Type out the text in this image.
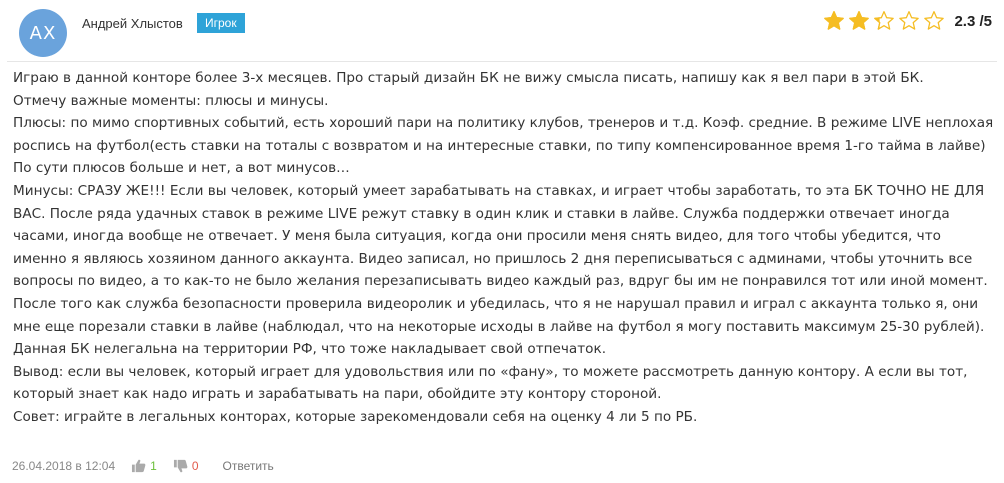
AX	Андрей Хлыстов	Игрок	2.3 /5

Играю в данной конторе более 3-х месяцев. Про старый дизайн БК не вижу смысла писать, напишу как я вел пари в этой БК.

Отмечу важные моменты: плюсы и минусы.

Плюсы: по мимо спортивных событий, есть хороший пари на политику клубов, тренеров и т.д. Коэф. средние. В режиме LIVE неплохая роспись на футбол(есть ставки на тоталы с возвратом и на интересные ставки, по типу компенсированное время 1-го тайма в лайве) По сути плюсов больше и нет, а вот минусов…

Минусы: СРАЗУ ЖЕ!!! Если вы человек, который умеет зарабатывать на ставках, и играет чтобы заработать, то эта БК ТОЧНО НЕ ДЛЯ ВАС. После ряда удачных ставок в режиме LIVE режут ставку в один клик и ставки в лайве. Служба поддержки отвечает иногда часами, иногда вообще не отвечает. У меня была ситуация, когда они просили меня снять видео, для того чтобы убедится, что именно я являюсь хозяином данного аккаунта. Видео записал, но пришлось 2 дня переписываться с админами, чтобы уточнить все вопросы по видео, а то как-то не было желания перезаписывать видео каждый раз, вдруг бы им не понравился тот или иной момент. После того как служба безопасности проверила видеоролик и убедилась, что я не нарушал правил и играл с аккаунта только я, они мне еще порезали ставки в лайве (наблюдал, что на некоторые исходы в лайве на футбол я могу поставить максимум 25-30 рублей). Данная БК нелегальна на территории РФ, что тоже накладывает свой отпечаток.

Вывод: если вы человек, который играет для удовольствия или по «фану», то можете рассмотреть данную контору. А если вы тот, который знает как надо играть и зарабатывать на пари, обойдите эту контору стороной.

Совет: играйте в легальных конторах, которые зарекомендовали себя на оценку 4 ли 5 по РБ.

26.04.2018 в 12:04	1	0 Ответить
